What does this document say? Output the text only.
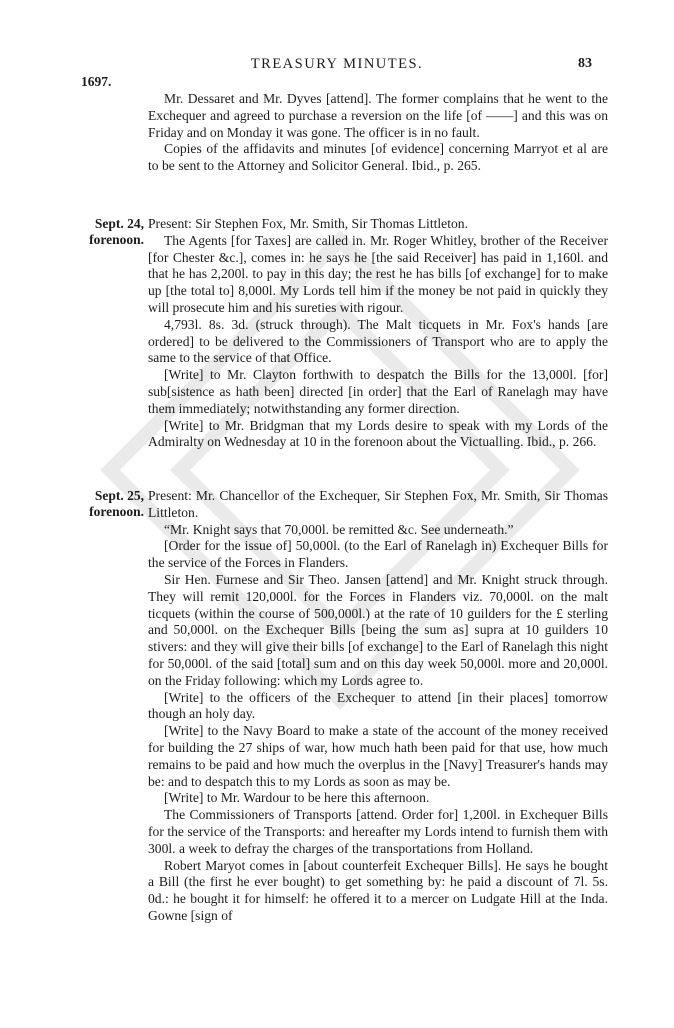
TREASURY MINUTES.	83
1697.

Mr. Dessaret and Mr. Dyves [attend]. The former complains that he went to the Exchequer and agreed to purchase a reversion on the life [of ——] and this was on Friday and on Monday it was gone. The officer is in no fault.

Copies of the affidavits and minutes [of evidence] concerning Marryot et al are to be sent to the Attorney and Solicitor General. Ibid., p. 265.

Sept. 24,
forenoon.

Present: Sir Stephen Fox, Mr. Smith, Sir Thomas Littleton.

The Agents [for Taxes] are called in. Mr. Roger Whitley, brother of the Receiver [for Chester &c.], comes in: he says he [the said Receiver] has paid in 1,160l. and that he has 2,200l. to pay in this day; the rest he has bills [of exchange] for to make up [the total to] 8,000l. My Lords tell him if the money be not paid in quickly they will prosecute him and his sureties with rigour.

4,793l. 8s. 3d. (struck through). The Malt ticquets in Mr. Fox's hands [are ordered] to be delivered to the Commissioners of Transport who are to apply the same to the service of that Office.

[Write] to Mr. Clayton forthwith to despatch the Bills for the 13,000l. [for] sub[sistence as hath been] directed [in order] that the Earl of Ranelagh may have them immediately; notwithstanding any former direction.

[Write] to Mr. Bridgman that my Lords desire to speak with my Lords of the Admiralty on Wednesday at 10 in the forenoon about the Victualling. Ibid., p. 266.

Sept. 25,
forenoon.

Present: Mr. Chancellor of the Exchequer, Sir Stephen Fox, Mr. Smith, Sir Thomas Littleton.

“Mr. Knight says that 70,000l. be remitted &c. See underneath.”

[Order for the issue of] 50,000l. (to the Earl of Ranelagh in) Exchequer Bills for the service of the Forces in Flanders.

Sir Hen. Furnese and Sir Theo. Jansen [attend] and Mr. Knight struck through. They will remit 120,000l. for the Forces in Flanders viz. 70,000l. on the malt ticquets (within the course of 500,000l.) at the rate of 10 guilders for the £ sterling and 50,000l. on the Exchequer Bills [being the sum as] supra at 10 guilders 10 stivers: and they will give their bills [of exchange] to the Earl of Ranelagh this night for 50,000l. of the said [total] sum and on this day week 50,000l. more and 20,000l. on the Friday following: which my Lords agree to.

[Write] to the officers of the Exchequer to attend [in their places] tomorrow though an holy day.

[Write] to the Navy Board to make a state of the account of the money received for building the 27 ships of war, how much hath been paid for that use, how much remains to be paid and how much the overplus in the [Navy] Treasurer's hands may be: and to despatch this to my Lords as soon as may be.

[Write] to Mr. Wardour to be here this afternoon.

The Commissioners of Transports [attend. Order for] 1,200l. in Exchequer Bills for the service of the Transports: and hereafter my Lords intend to furnish them with 300l. a week to defray the charges of the transportations from Holland.

Robert Maryot comes in [about counterfeit Exchequer Bills]. He says he bought a Bill (the first he ever bought) to get something by: he paid a discount of 7l. 5s. 0d.: he bought it for himself: he offered it to a mercer on Ludgate Hill at the Inda. Gowne [sign of
